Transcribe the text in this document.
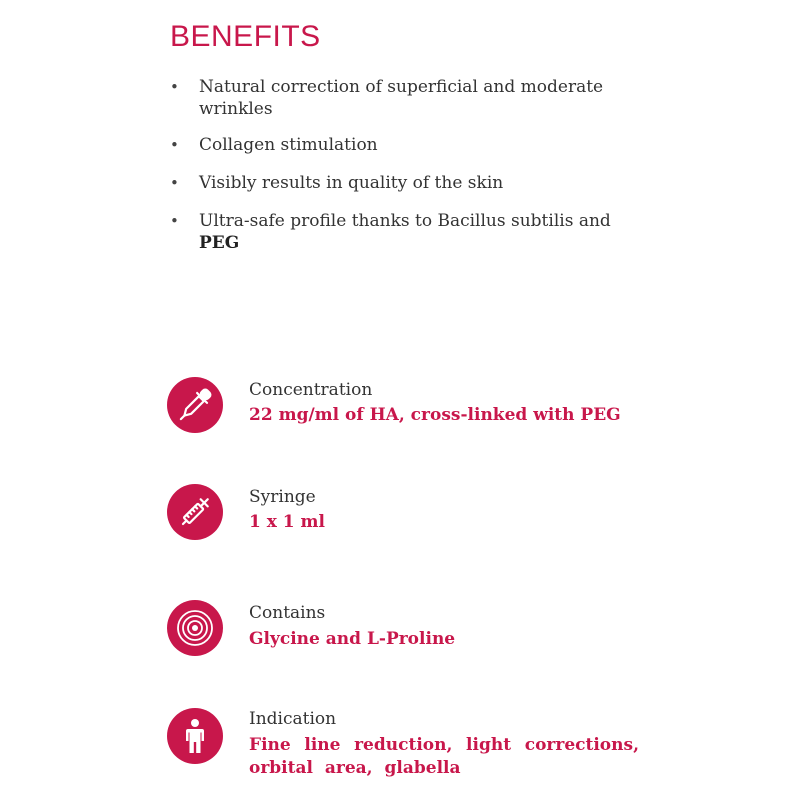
BENEFITS
• Natural correction of superficial and moderate wrinkles
• Collagen stimulation
• Visibly results in quality of the skin
• Ultra-safe profile thanks to Bacillus subtilis and PEG
Concentration
22 mg/ml of HA, cross-linked with PEG
Syringe
1 x 1 ml
Contains
Glycine and L-Proline
Indication
Fine line reduction, light corrections, orbital area, glabella
